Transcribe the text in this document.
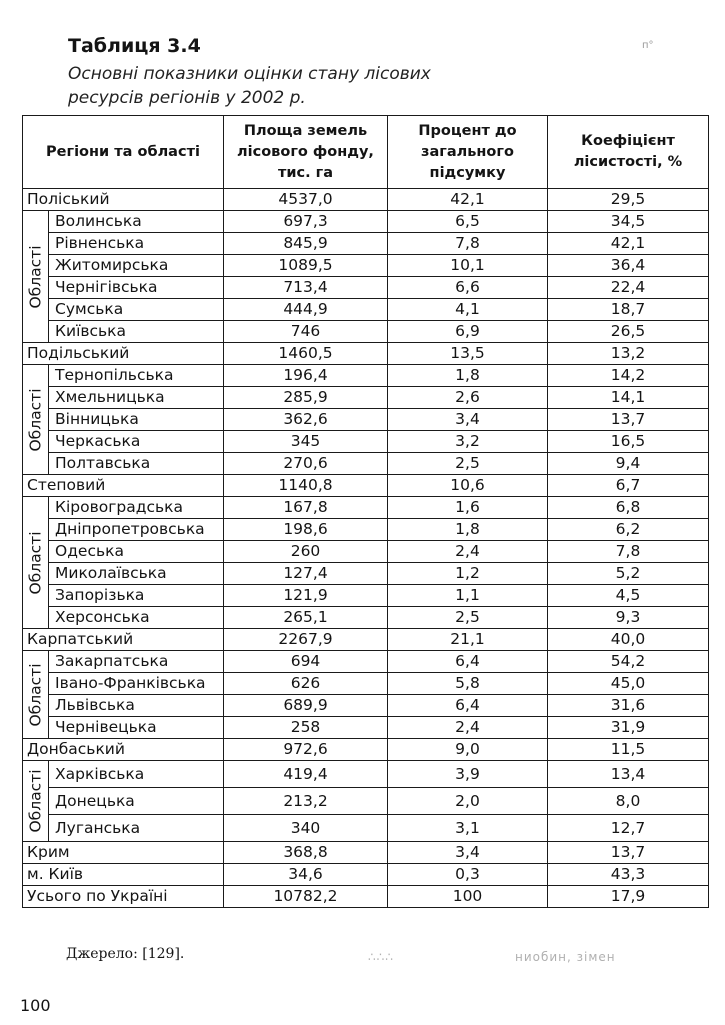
Таблиця 3.4
Основні показники оцінки стану лісових ресурсів регіонів у 2002 р.
п°
Регіони та області		Площа земель лісового фонду, тис. га	Процент до загального підсумку	Коефіцієнт лісистості, %
Поліський		4537,0	42,1	29,5

Області	Волинська	697,3	6,5	34,5
	Рівненська	845,9	7,8	42,1
	Житомирська	1089,5	10,1	36,4
	Чернігівська	713,4	6,6	22,4
	Сумська	444,9	4,1	18,7
	Київська	746	6,9	26,5
Подільський		1460,5	13,5	13,2

Області	Тернопільська	196,4	1,8	14,2
	Хмельницька	285,9	2,6	14,1
	Вінницька	362,6	3,4	13,7
	Черкаська	345	3,2	16,5
	Полтавська	270,6	2,5	9,4
Степовий		1140,8	10,6	6,7

Області	Кіровоградська	167,8	1,6	6,8
	Дніпропетровська	198,6	1,8	6,2
	Одеська	260	2,4	7,8
	Миколаївська	127,4	1,2	5,2
	Запорізька	121,9	1,1	4,5
	Херсонська	265,1	2,5	9,3
Карпатський		2267,9	21,1	40,0

Області	Закарпатська	694	6,4	54,2
	Івано-Франківська	626	5,8	45,0
	Львівська	689,9	6,4	31,6
	Чернівецька	258	2,4	31,9
Донбаський		972,6	9,0	11,5

Області	Харківська	419,4	3,9	13,4
	Донецька	213,2	2,0	8,0
	Луганська	340	3,1	12,7
Крим		368,8	3,4	13,7
м. Київ		34,6	0,3	43,3
Усього по Україні		10782,2	100	17,9
Джерело: [129].	∴∴∴	ниобин, зімен
100
